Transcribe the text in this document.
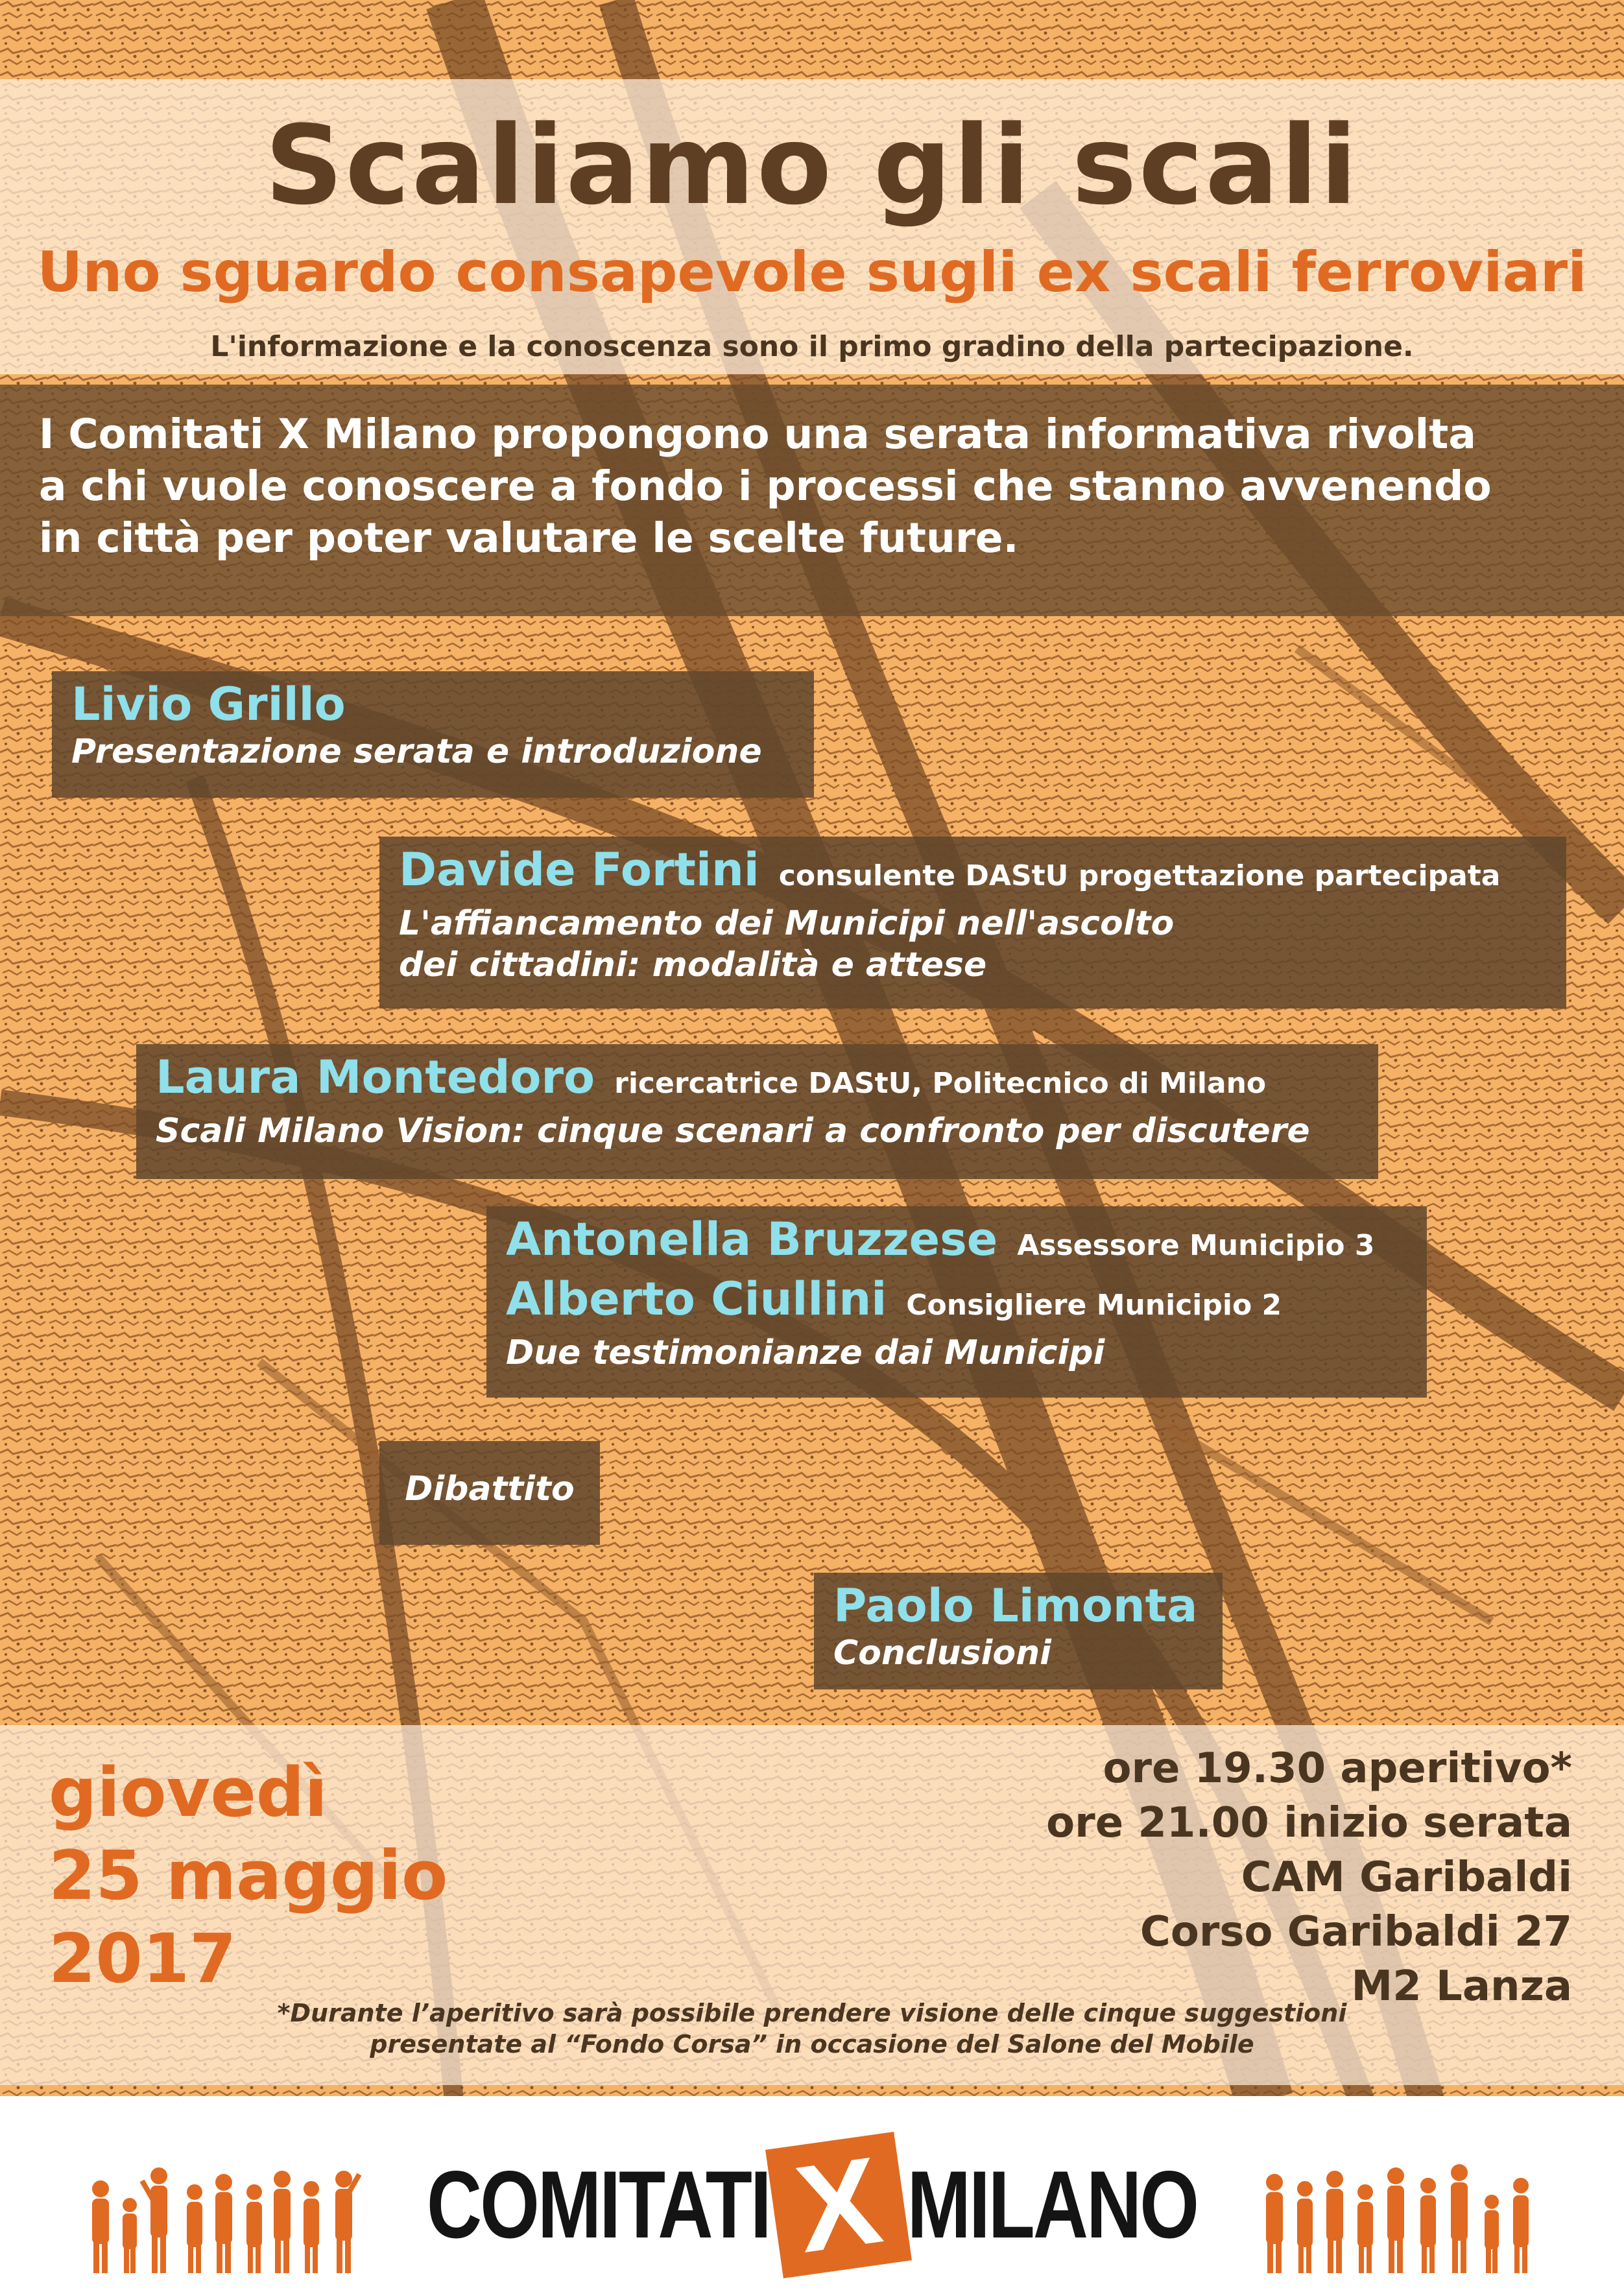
Scaliamo gli scali
Uno sguardo consapevole sugli ex scali ferroviari
L'informazione e la conoscenza sono il primo gradino della partecipazione.
I Comitati X Milano propongono una serata informativa rivolta
a chi vuole conoscere a fondo i processi che stanno avvenendo
in città per poter valutare le scelte future.
Livio Grillo
Presentazione serata e introduzione
Davide Fortini consulente DAStU progettazione partecipata
L'affiancamento dei Municipi nell'ascolto
dei cittadini: modalità e attese
Laura Montedoro ricercatrice DAStU, Politecnico di Milano
Scali Milano Vision: cinque scenari a confronto per discutere
Antonella Bruzzese Assessore Municipio 3
Alberto Ciullini Consigliere Municipio 2
Due testimonianze dai Municipi
Dibattito
Paolo Limonta
Conclusioni
giovedì
25 maggio
2017
ore 19.30 aperitivo*
ore 21.00 inizio serata
CAM Garibaldi
Corso Garibaldi 27
M2 Lanza
*Durante l’aperitivo sarà possibile prendere visione delle cinque suggestioni
presentate al “Fondo Corsa” in occasione del Salone del Mobile
COMITATI X MILANO
